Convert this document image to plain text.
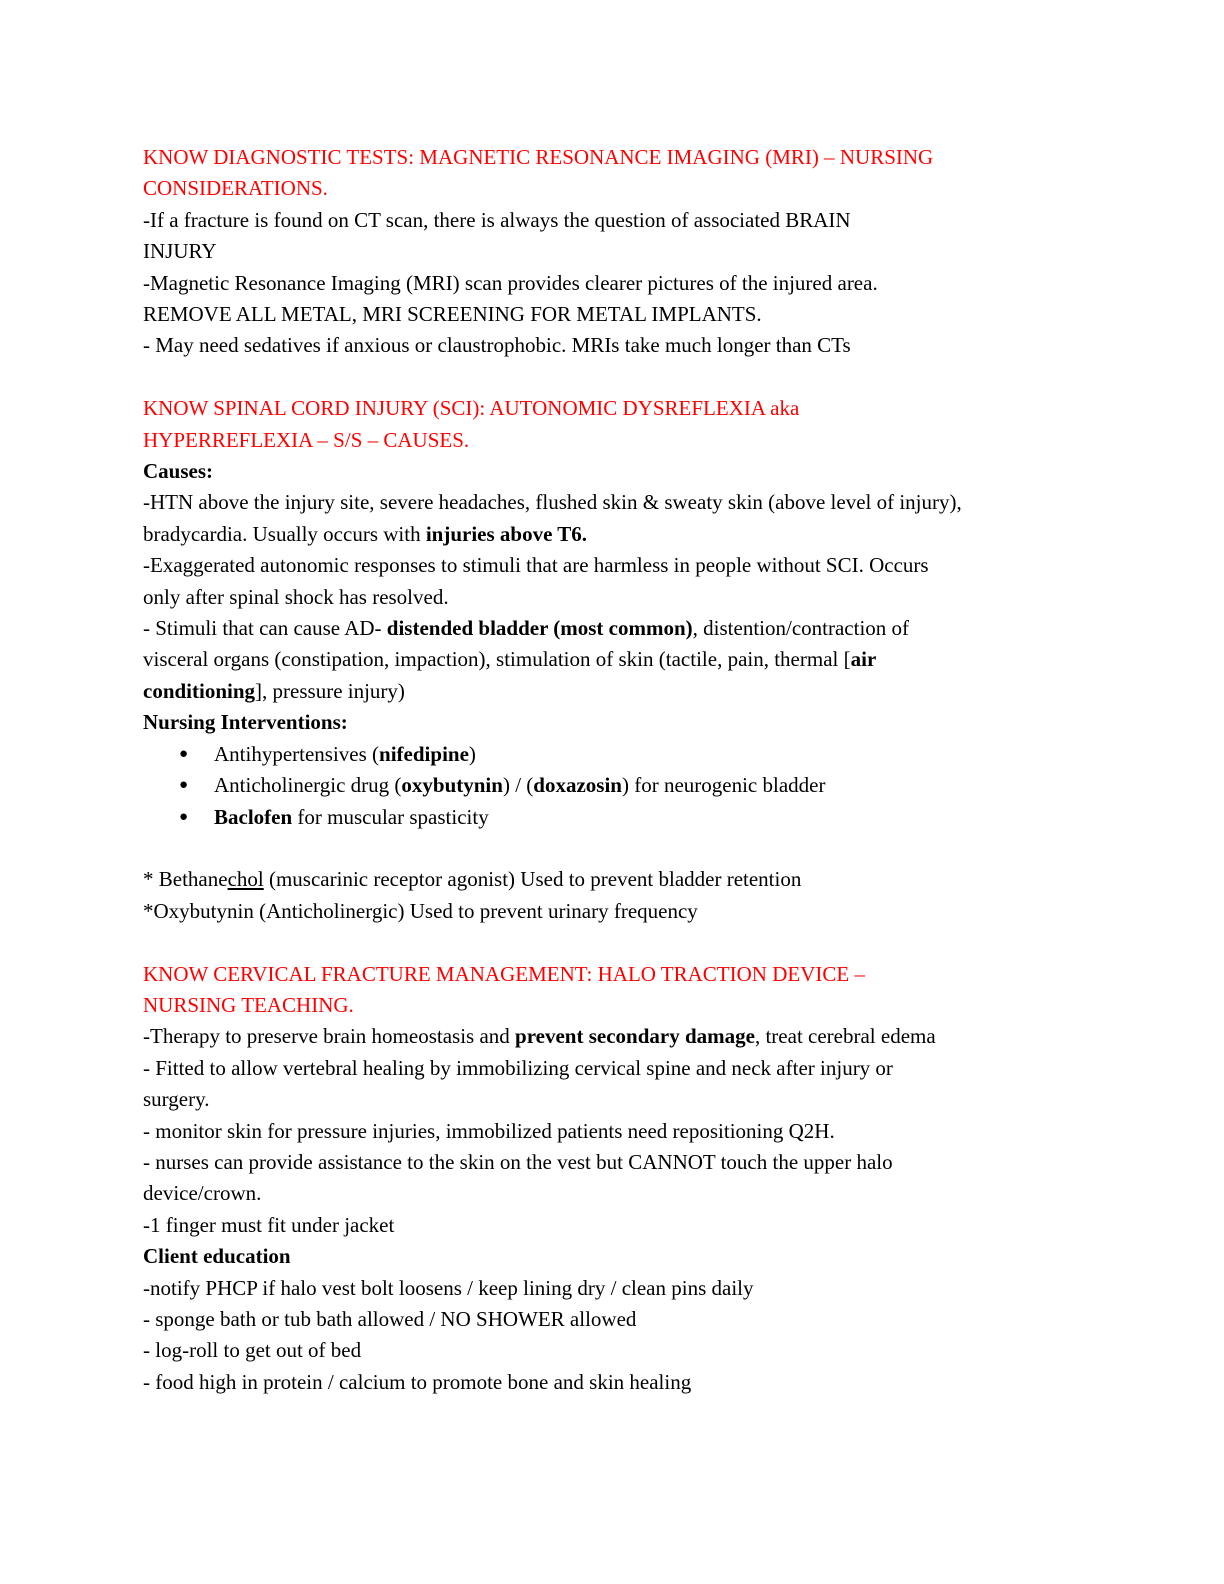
KNOW DIAGNOSTIC TESTS: MAGNETIC RESONANCE IMAGING (MRI) – NURSING

CONSIDERATIONS.

-If a fracture is found on CT scan, there is always the question of associated BRAIN

INJURY

-Magnetic Resonance Imaging (MRI) scan provides clearer pictures of the injured area.

REMOVE ALL METAL, MRI SCREENING FOR METAL IMPLANTS.

- May need sedatives if anxious or claustrophobic. MRIs take much longer than CTs

KNOW SPINAL CORD INJURY (SCI): AUTONOMIC DYSREFLEXIA aka

HYPERREFLEXIA – S/S – CAUSES.

Causes:

-HTN above the injury site, severe headaches, flushed skin & sweaty skin (above level of injury),

bradycardia. Usually occurs with injuries above T6.

-Exaggerated autonomic responses to stimuli that are harmless in people without SCI. Occurs

only after spinal shock has resolved.

- Stimuli that can cause AD- distended bladder (most common), distention/contraction of

visceral organs (constipation, impaction), stimulation of skin (tactile, pain, thermal [air

conditioning], pressure injury)

Nursing Interventions:

● Antihypertensives (nifedipine)
● Anticholinergic drug (oxybutynin) / (doxazosin) for neurogenic bladder
● Baclofen for muscular spasticity

* Bethanechol (muscarinic receptor agonist) Used to prevent bladder retention

*Oxybutynin (Anticholinergic) Used to prevent urinary frequency

KNOW CERVICAL FRACTURE MANAGEMENT: HALO TRACTION DEVICE –

NURSING TEACHING.

-Therapy to preserve brain homeostasis and prevent secondary damage, treat cerebral edema

- Fitted to allow vertebral healing by immobilizing cervical spine and neck after injury or

surgery.

- monitor skin for pressure injuries, immobilized patients need repositioning Q2H.

- nurses can provide assistance to the skin on the vest but CANNOT touch the upper halo

device/crown.

-1 finger must fit under jacket

Client education

-notify PHCP if halo vest bolt loosens / keep lining dry / clean pins daily

- sponge bath or tub bath allowed / NO SHOWER allowed

- log-roll to get out of bed

- food high in protein / calcium to promote bone and skin healing
